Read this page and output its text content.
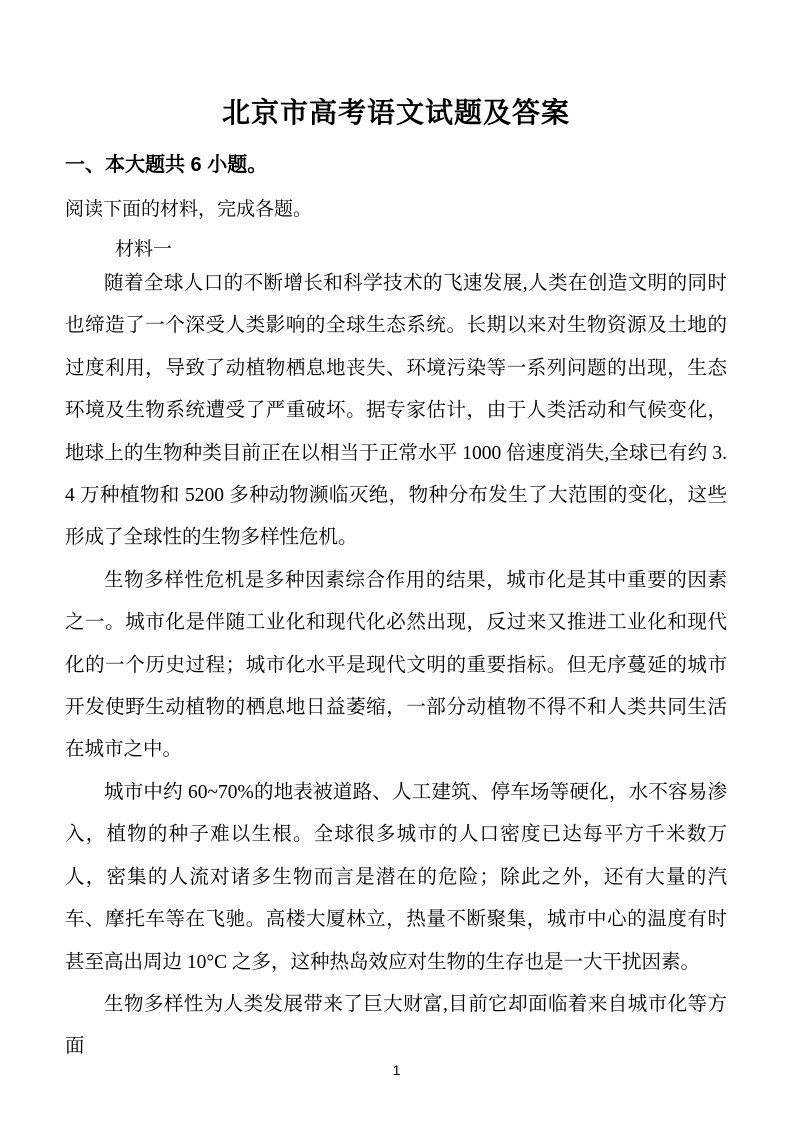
北京市高考语文试题及答案
一、本大题共 6 小题。

阅读下面的材料，完成各题。

材料一

随着全球人口的不断增长和科学技术的飞速发展,人类在创造文明的同时也缔造了一个深受人类影响的全球生态系统。长期以来对生物资源及土地的过度利用，导致了动植物栖息地丧失、环境污染等一系列问题的出现，生态环境及生物系统遭受了严重破坏。据专家估计，由于人类活动和气候变化，地球上的生物种类目前正在以相当于正常水平 1000 倍速度消失,全球已有约 3.4 万种植物和 5200 多种动物濒临灭绝，物种分布发生了大范围的变化，这些形成了全球性的生物多样性危机。

生物多样性危机是多种因素综合作用的结果，城市化是其中重要的因素之一。城市化是伴随工业化和现代化必然出现，反过来又推进工业化和现代化的一个历史过程；城市化水平是现代文明的重要指标。但无序蔓延的城市开发使野生动植物的栖息地日益萎缩，一部分动植物不得不和人类共同生活在城市之中。

城市中约 60~70%的地表被道路、人工建筑、停车场等硬化，水不容易渗入，植物的种子难以生根。全球很多城市的人口密度已达每平方千米数万人，密集的人流对诸多生物而言是潜在的危险；除此之外，还有大量的汽车、摩托车等在飞驰。高楼大厦林立，热量不断聚集，城市中心的温度有时甚至高出周边 10°C 之多，这种热岛效应对生物的生存也是一大干扰因素。

生物多样性为人类发展带来了巨大财富,目前它却面临着来自城市化等方面

1
